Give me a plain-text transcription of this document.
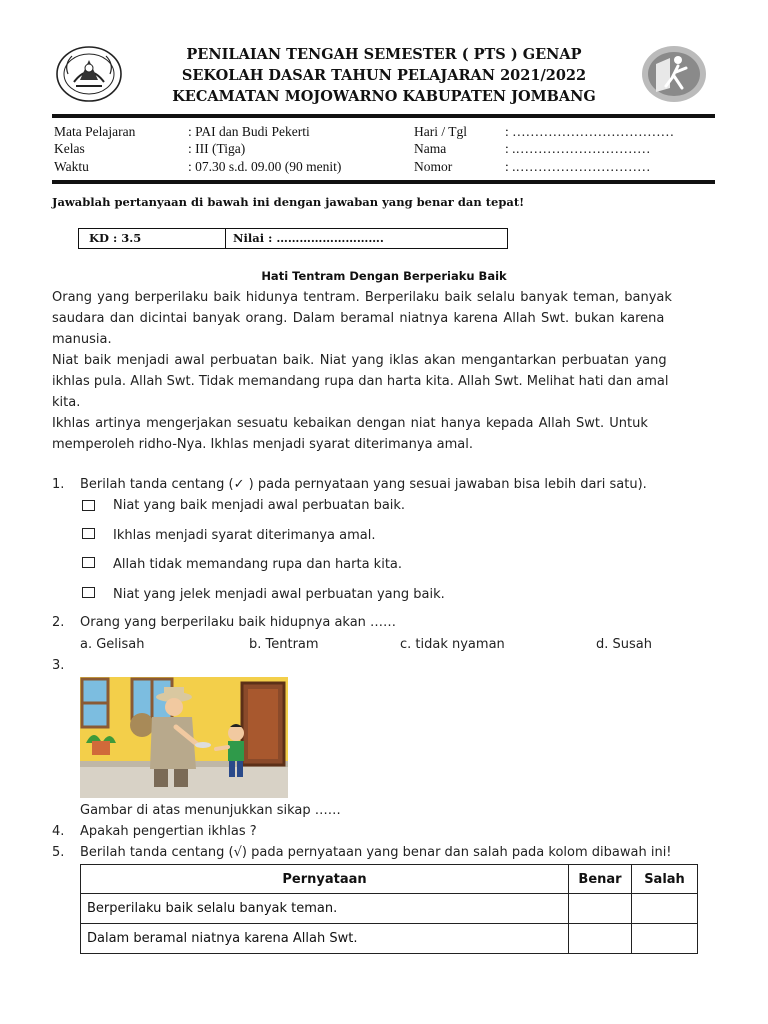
PENILAIAN TENGAH SEMESTER ( PTS ) GENAP
SEKOLAH DASAR TAHUN PELAJARAN 2021/2022
KECAMATAN MOJOWARNO KABUPATEN JOMBANG
Mata Pelajaran	: PAI dan Budi Pekerti
Kelas	: III (Tiga)
Waktu	: 07.30 s.d. 09.00 (90 menit)
Hari / Tgl	: ………………………………
Nama	: .…………………………
Nomor	: .…………………………
Jawablah pertanyaan di bawah ini dengan jawaban yang benar dan tepat!
KD : 3.5	Nilai : ……………………….
Hati Tentram Dengan Berperiaku Baik
Orang yang berperilaku baik hidunya tentram. Berperilaku baik selalu banyak teman, banyak
saudara dan dicintai banyak orang. Dalam beramal niatnya karena Allah Swt. bukan karena
manusia.
Niat baik menjadi awal perbuatan baik. Niat yang iklas akan mengantarkan perbuatan yang
ikhlas pula. Allah Swt. Tidak memandang rupa dan harta kita. Allah Swt. Melihat hati dan amal
kita.
Ikhlas artinya mengerjakan sesuatu kebaikan dengan niat hanya kepada Allah Swt. Untuk
memperoleh ridho-Nya. Ikhlas menjadi syarat diterimanya amal.
1. Berilah tanda centang (✓ ) pada pernyataan yang sesuai jawaban bisa lebih dari satu).
Niat yang baik menjadi awal perbuatan baik.
Ikhlas menjadi syarat diterimanya amal.
Allah tidak memandang rupa dan harta kita.
Niat yang jelek menjadi awal perbuatan yang baik.
2. Orang yang berperilaku baik hidupnya akan ……
a. Gelisah	b. Tentram	c. tidak nyaman	d. Susah
3.
Gambar di atas menunjukkan sikap ……
4. Apakah pengertian ikhlas ?
5. Berilah tanda centang (√) pada pernyataan yang benar dan salah pada kolom dibawah ini!
Pernyataan	Benar	Salah
Berperilaku baik selalu banyak teman.		
Dalam beramal niatnya karena Allah Swt.		
